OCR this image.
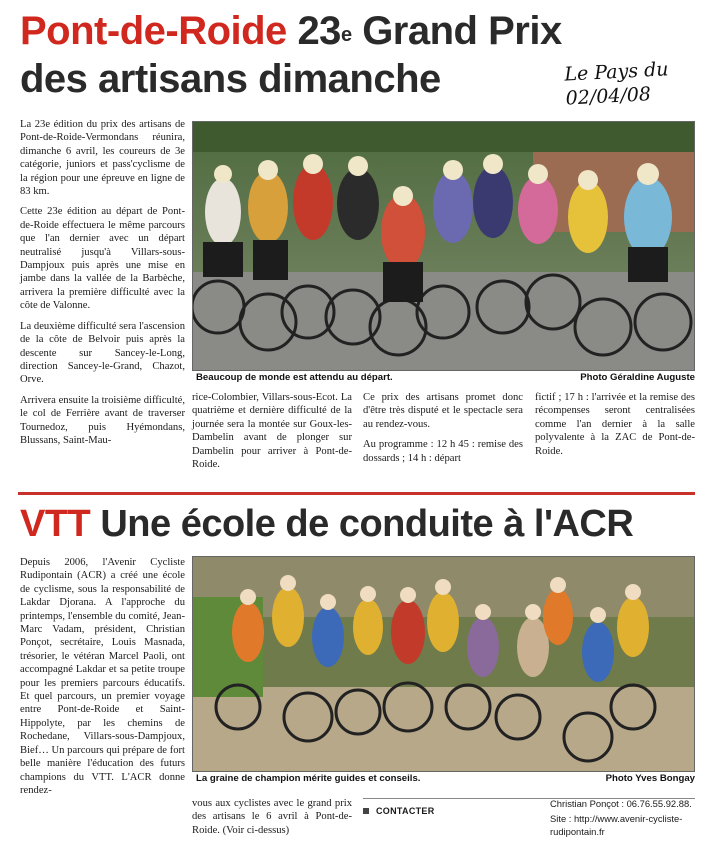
Pont-de-Roide 23e Grand Prix
des artisans dimanche	Le Pays du
02/04/08

La 23e édition du prix des artisans de Pont-de-Roide-Vermondans réunira, dimanche 6 avril, les coureurs de 3e catégorie, juniors et pass'cyclisme de la région pour une épreuve en ligne de 83 km.

Cette 23e édition au départ de Pont-de-Roide effectuera le même parcours que l'an dernier avec un départ neutralisé jusqu'à Villars-sous-Dampjoux puis après une mise en jambe dans la vallée de la Barbèche, arrivera la première difficulté avec la côte de Valonne.

La deuxième difficulté sera l'ascension de la côte de Belvoir puis après la descente sur Sancey-le-Long, direction Sancey-le-Grand, Chazot, Orve.

Arrivera ensuite la troisième difficulté, le col de Ferrière avant de traverser Tournedoz, puis Hyémondans, Blussans, Saint-Mau-

Beaucoup de monde est attendu au départ.	Photo Géraldine Auguste

rice-Colombier, Villars-sous-Ecot. La quatrième et dernière difficulté de la journée sera la montée sur Goux-les-Dambelin avant de plonger sur Dambelin pour arriver à Pont-de-Roide.

Ce prix des artisans promet donc d'être très disputé et le spectacle sera au rendez-vous.

Au programme : 12 h 45 : remise des dossards ; 14 h : départ

fictif ; 17 h : l'arrivée et la remise des récompenses seront centralisées comme l'an dernier à la salle polyvalente à la ZAC de Pont-de-Roide.

VTT Une école de conduite à l'ACR

Depuis 2006, l'Avenir Cycliste Rudipontain (ACR) a créé une école de cyclisme, sous la responsabilité de Lakdar Djorana. A l'approche du printemps, l'ensemble du comité, Jean-Marc Vadam, président, Christian Ponçot, secrétaire, Louis Masnada, trésorier, le vétéran Marcel Paoli, ont accompagné Lakdar et sa petite troupe pour les premiers parcours éducatifs. Et quel parcours, un premier voyage entre Pont-de-Roide et Saint-Hippolyte, par les chemins de Rochedane, Villars-sous-Dampjoux, Bief… Un parcours qui prépare de fort belle manière l'éducation des futurs champions du VTT. L'ACR donne rendez-

La graine de champion mérite guides et conseils.	Photo Yves Bongay

vous aux cyclistes avec le grand prix des artisans le 6 avril à Pont-de-Roide. (Voir ci-dessus)

CONTACTER
Christian Ponçot : 06.76.55.92.88.
Site : http://www.avenir-cycliste-rudipontain.fr
